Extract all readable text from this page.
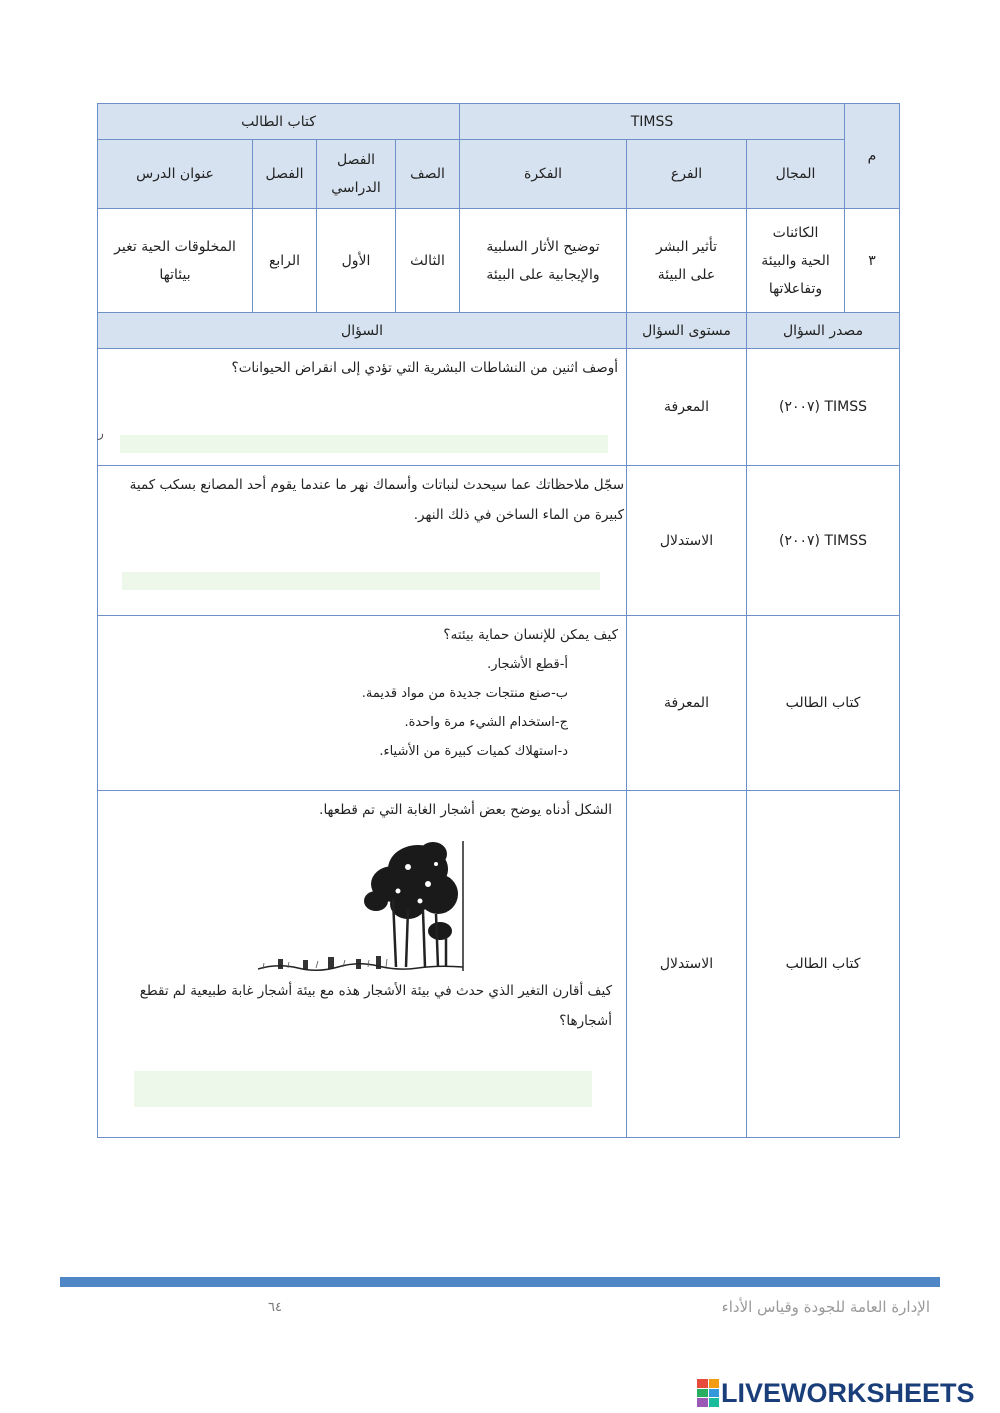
م
TIMSS
كتاب الطالب
المجال
الفرع
الفكرة
الصف
الفصل الدراسي
الفصل
عنوان الدرس
٣
الكائنات الحية والبيئة وتفاعلاتها
تأثير البشر على البيئة
توضيح الأثار السلبية والإيجابية على البيئة
الثالث
الأول
الرابع
المخلوقات الحية تغير بيئاتها
مصدر السؤال
مستوى السؤال
السؤال
TIMSS (٢٠٠٧)
المعرفة
أوصف اثنين من النشاطات البشرية التي تؤدي إلى انقراض الحيوانات؟
ر
TIMSS (٢٠٠٧)
الاستدلال
سجّل ملاحظاتك عما سيحدث لنباتات وأسماك نهر ما عندما يقوم أحد المصانع بسكب كمية كبيرة من الماء الساخن في ذلك النهر.
كتاب الطالب
المعرفة
كيف يمكن للإنسان حماية بيئته؟
أ-قطع الأشجار.
ب-صنع منتجات جديدة من مواد قديمة.
ج-استخدام الشيء مرة واحدة.
د-استهلاك كميات كبيرة من الأشياء.
كتاب الطالب
الاستدلال
الشكل أدناه يوضح بعض أشجار الغابة التي تم قطعها.
كيف أقارن التغير الذي حدث في بيئة الأشجار هذه مع بيئة أشجار غابة طبيعية لم تقطع أشجارها؟
٦٤	الإدارة العامة للجودة وقياس الأداء
LIVEWORKSHEETS
